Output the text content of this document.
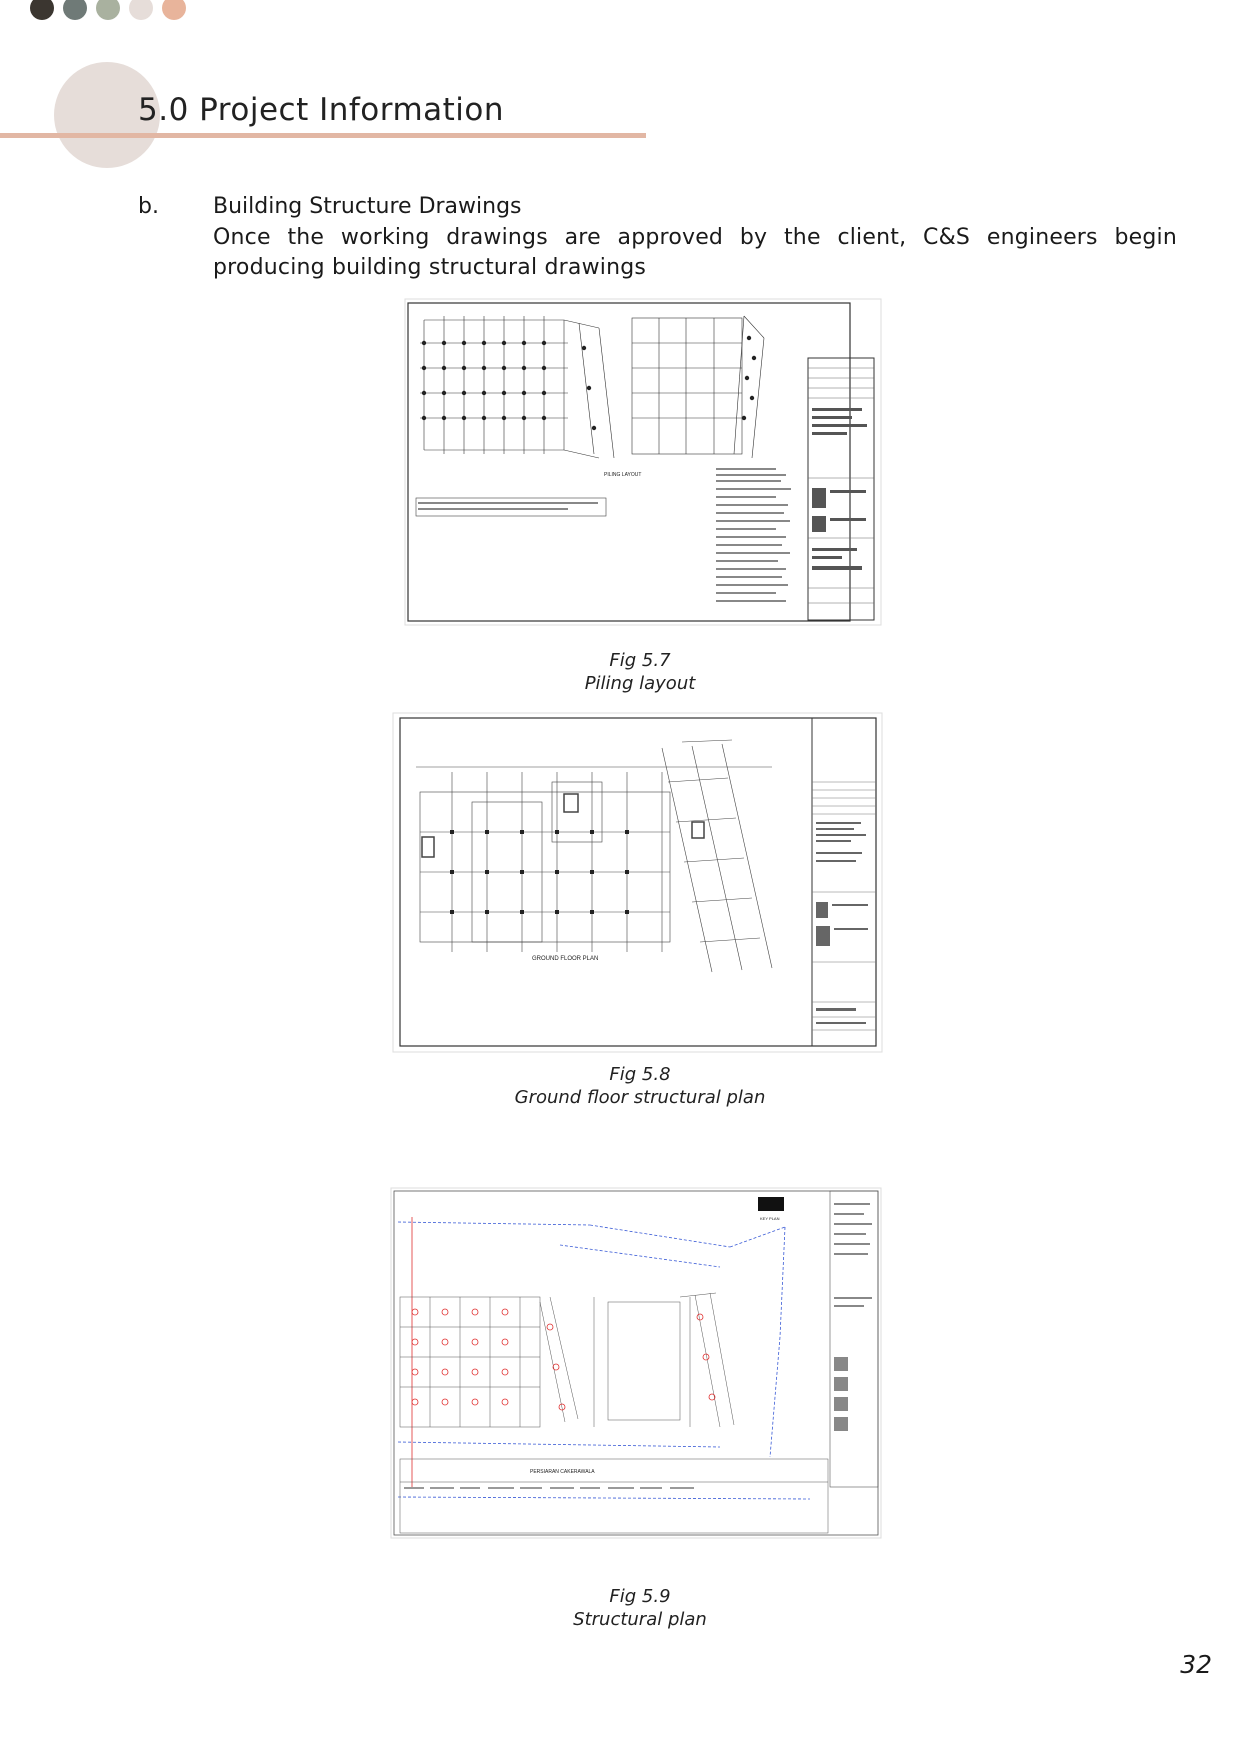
5.0 Project Information
b. Building Structure Drawings
Once the working drawings are approved by the client, C&S engineers begin producing building structural drawings
PILING LAYOUT
Fig 5.7
Piling layout
GROUND FLOOR PLAN
Fig 5.8
Ground floor structural plan
KEY PLAN
PERSIARAN CAKERAWALA
Fig 5.9
Structural plan
32
